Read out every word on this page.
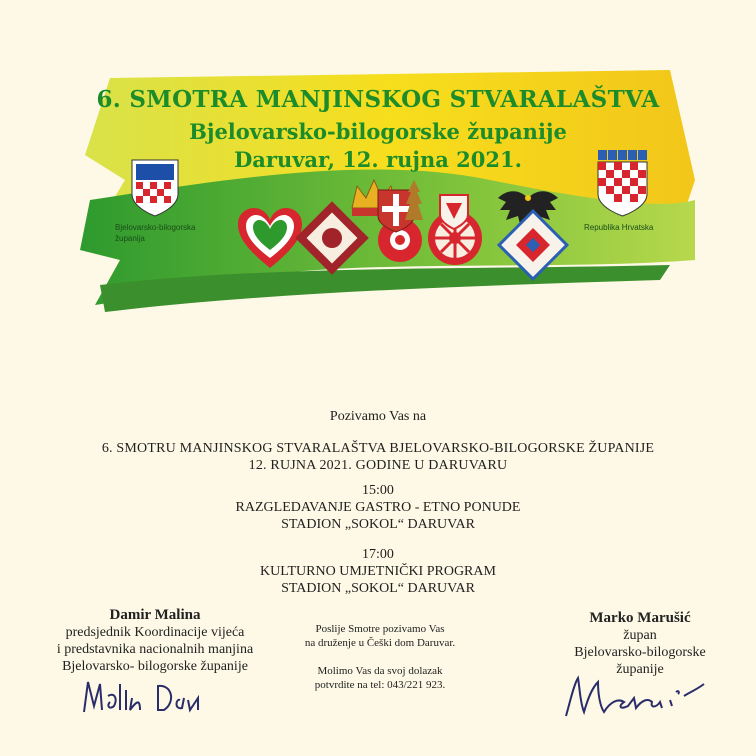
6. SMOTRA MANJINSKOG STVARALAŠTVA
Bjelovarsko-bilogorske županije
Daruvar, 12. rujna 2021.
Bjelovarsko-bilogorska županija
Republika Hrvatska
Pozivamo Vas na
6. SMOTRU MANJINSKOG STVARALAŠTVA BJELOVARSKO-BILOGORSKE ŽUPANIJE
12. RUJNA 2021. GODINE U DARUVARU
15:00
RAZGLEDAVANJE GASTRO - ETNO PONUDE
STADION „SOKOL“ DARUVAR
17:00
KULTURNO UMJETNIČKI PROGRAM
STADION „SOKOL“ DARUVAR
Damir Malina
predsjednik Koordinacije vijeća
i predstavnika nacionalnih manjina
Bjelovarsko- bilogorske županije
Poslije Smotre pozivamo Vas
na druženje u Češki dom Daruvar.
Molimo Vas da svoj dolazak
potvrdite na tel: 043/221 923.
Marko Marušić
župan
Bjelovarsko-bilogorske
županije
